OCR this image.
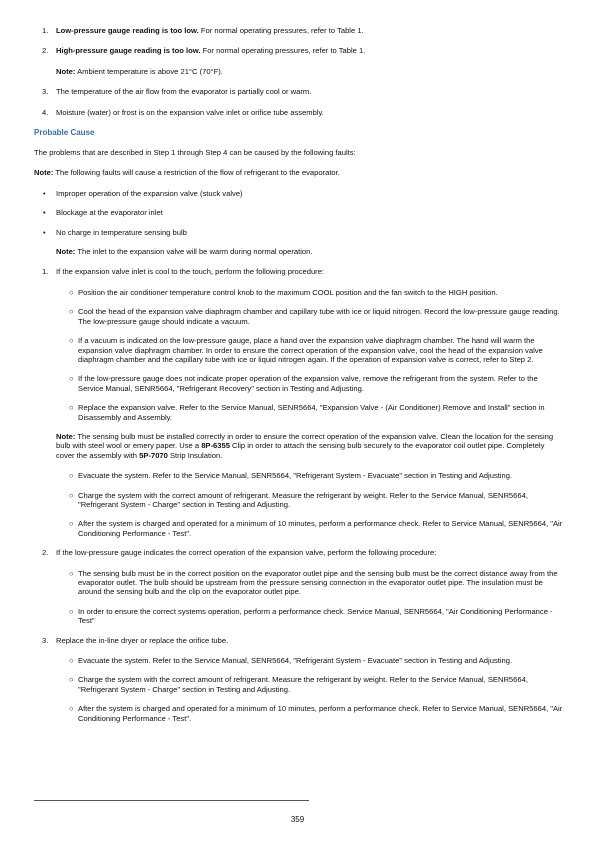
1. Low-pressure gauge reading is too low. For normal operating pressures, refer to Table 1.
2. High-pressure gauge reading is too low. For normal operating pressures, refer to Table 1.
Note: Ambient temperature is above 21°C (70°F).
3. The temperature of the air flow from the evaporator is partially cool or warm.
4. Moisture (water) or frost is on the expansion valve inlet or orifice tube assembly.

Probable Cause

The problems that are described in Step 1 through Step 4 can be caused by the following faults:

Note: The following faults will cause a restriction of the flow of refrigerant to the evaporator.

• Improper operation of the expansion valve (stuck valve)
• Blockage at the evaporator inlet
• No charge in temperature sensing bulb
Note: The inlet to the expansion valve will be warm during normal operation.
1. If the expansion valve inlet is cool to the touch, perform the following procedure:
○ Position the air conditioner temperature control knob to the maximum COOL position and the fan switch to the HIGH position.
○ Cool the head of the expansion valve diaphragm chamber and capillary tube with ice or liquid nitrogen. Record the low-pressure gauge reading. The low-pressure gauge should indicate a vacuum.
○ If a vacuum is indicated on the low-pressure gauge, place a hand over the expansion valve diaphragm chamber. The hand will warm the expansion valve diaphragm chamber. In order to ensure the correct operation of the expansion valve, cool the head of the expansion valve diaphragm chamber and the capillary tube with ice or liquid nitrogen again. If the operation of expansion valve is correct, refer to Step 2.
○ If the low-pressure gauge does not indicate proper operation of the expansion valve, remove the refrigerant from the system. Refer to the Service Manual, SENR5664, "Refrigerant Recovery" section in Testing and Adjusting.
○ Replace the expansion valve. Refer to the Service Manual, SENR5664, "Expansion Valve - (Air Conditioner) Remove and Install" section in Disassembly and Assembly.
Note: The sensing bulb must be installed correctly in order to ensure the correct operation of the expansion valve. Clean the location for the sensing bulb with steel wool or emery paper. Use a 8P-6355 Clip in order to attach the sensing bulb securely to the evaporator coil outlet pipe. Completely cover the assembly with 5P-7070 Strip Insulation.
○ Evacuate the system. Refer to the Service Manual, SENR5664, "Refrigerant System - Evacuate" section in Testing and Adjusting.
○ Charge the system with the correct amount of refrigerant. Measure the refrigerant by weight. Refer to the Service Manual, SENR5664, "Refrigerant System - Charge" section in Testing and Adjusting.
○ After the system is charged and operated for a minimum of 10 minutes, perform a performance check. Refer to Service Manual, SENR5664, "Air Conditioning Performance - Test".
2. If the low-pressure gauge indicates the correct operation of the expansion valve, perform the following procedure:
○ The sensing bulb must be in the correct position on the evaporator outlet pipe and the sensing bulb must be the correct distance away from the evaporator outlet. The bulb should be upstream from the pressure sensing connection in the evaporator outlet pipe. The insulation must be around the sensing bulb and the clip on the evaporator outlet pipe.
○ In order to ensure the correct systems operation, perform a performance check. Service Manual, SENR5664, "Air Conditioning Performance - Test"
3. Replace the in-line dryer or replace the orifice tube.
○ Evacuate the system. Refer to the Service Manual, SENR5664, "Refrigerant System - Evacuate" section in Testing and Adjusting.
○ Charge the system with the correct amount of refrigerant. Measure the refrigerant by weight. Refer to the Service Manual, SENR5664, "Refrigerant System - Charge" section in Testing and Adjusting.
○ After the system is charged and operated for a minimum of 10 minutes, perform a performance check. Refer to Service Manual, SENR5664, "Air Conditioning Performance - Test".
359
